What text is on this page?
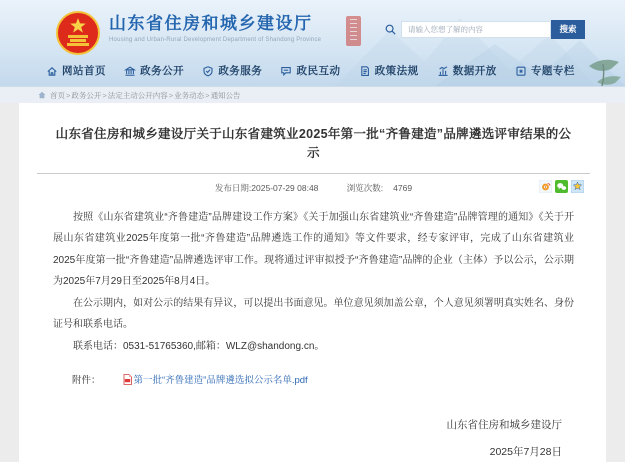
山东省住房和城乡建设厅
Housing and Urban-Rural Development Department of Shandong Province
请输入您想了解的内容
搜索
网站首页	政务公开	政务服务	政民互动	政策法规	数据开放	专题专栏
首页 > 政务公开 > 法定主动公开内容 > 业务动态 > 通知公告
山东省住房和城乡建设厅关于山东省建筑业2025年第一批“齐鲁建造”品牌遴选评审结果的公示
发布日期:2025-07-29 08:48	浏览次数: 4769

按照《山东省建筑业“齐鲁建造”品牌建设工作方案》《关于加强山东省建筑业“齐鲁建造”品牌管理的通知》《关于开展山东省建筑业2025年度第一批“齐鲁建造”品牌遴选工作的通知》等文件要求，经专家评审，完成了山东省建筑业2025年度第一批“齐鲁建造”品牌遴选评审工作。现将通过评审拟授予“齐鲁建造”品牌的企业（主体）予以公示，公示期为2025年7月29日至2025年8月4日。

在公示期内，如对公示的结果有异议，可以提出书面意见。单位意见须加盖公章，个人意见须署明真实姓名、身份证号和联系电话。

联系电话：0531-51765360,邮箱：WLZ@shandong.cn。

附件：	第一批“齐鲁建造”品牌遴选拟公示名单.pdf
山东省住房和城乡建设厅
2025年7月28日
